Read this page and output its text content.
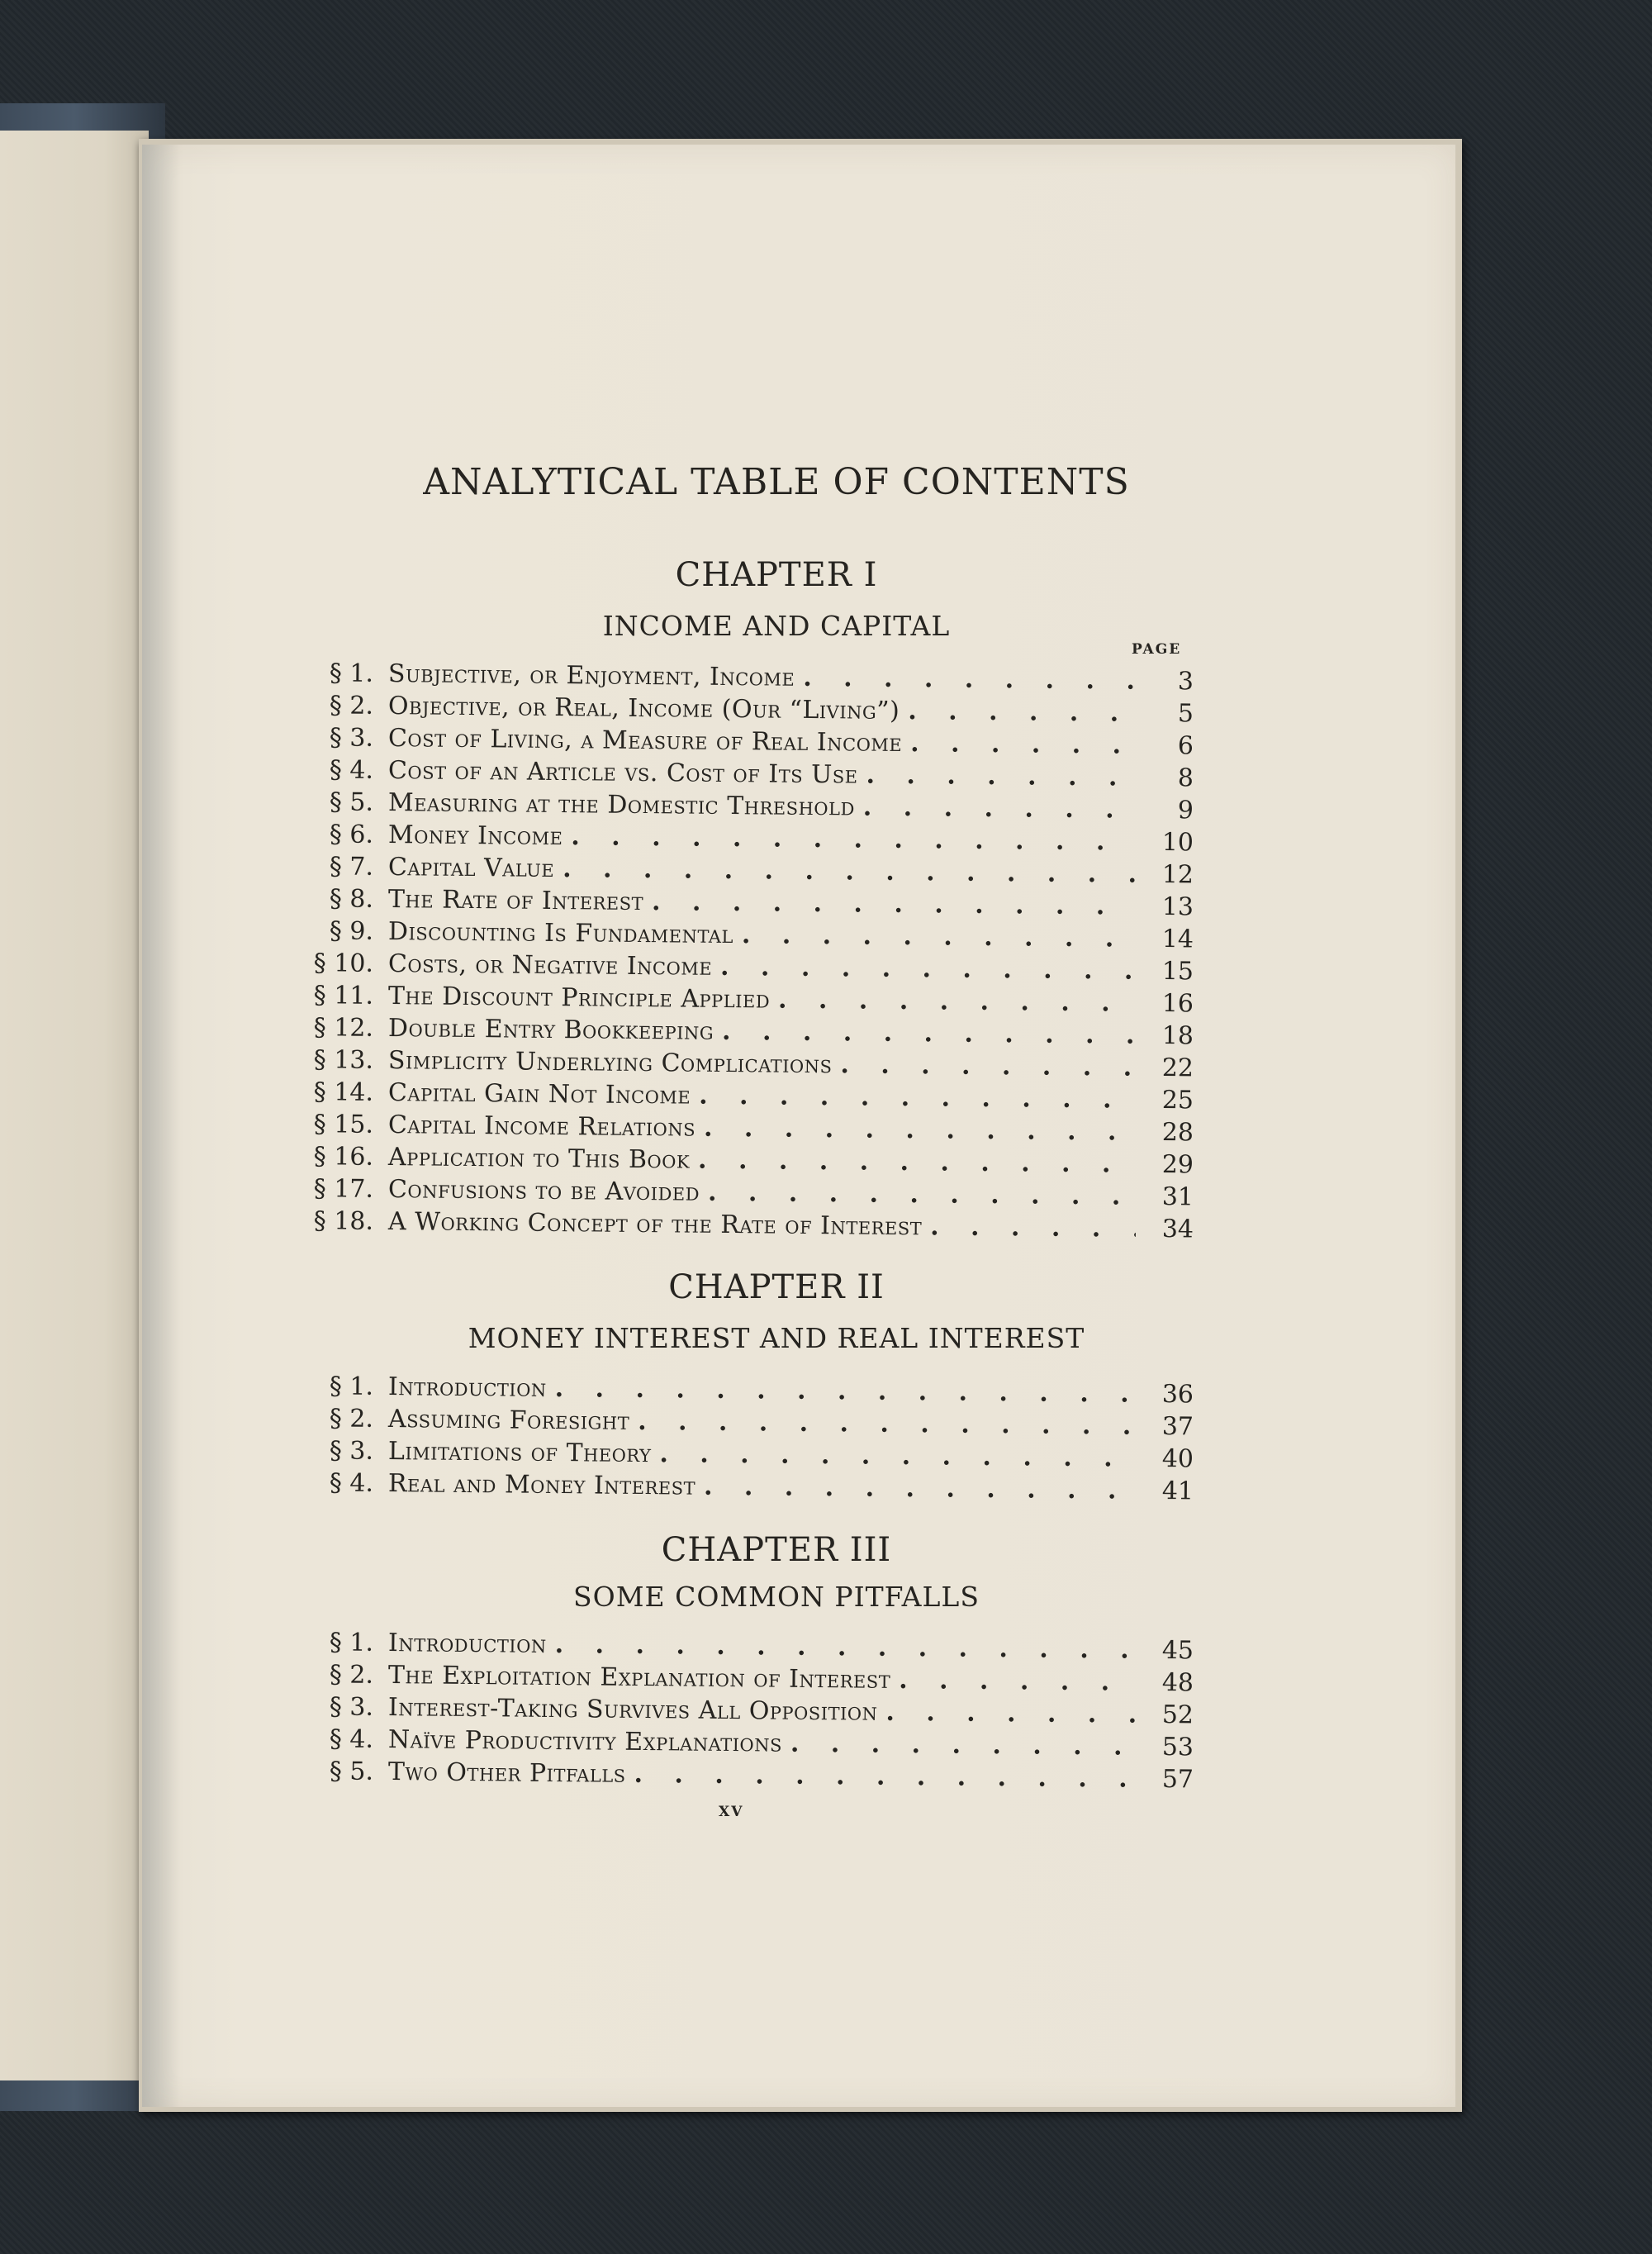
ANALYTICAL TABLE OF CONTENTS
CHAPTER I
INCOME AND CAPITAL
PAGE
§ 1. Subjective, or Enjoyment, Income . . .	3
§ 2. Objective, or Real, Income (Our “Living”) . . .	5
§ 3. Cost of Living, a Measure of Real Income . . .	6
§ 4. Cost of an Article vs. Cost of Its Use . . .	8
§ 5. Measuring at the Domestic Threshold . . .	9
§ 6. Money Income . . .	10
§ 7. Capital Value . . .	12
§ 8. The Rate of Interest . . .	13
§ 9. Discounting Is Fundamental . . .	14
§ 10. Costs, or Negative Income . . .	15
§ 11. The Discount Principle Applied . . .	16
§ 12. Double Entry Bookkeeping . . .	18
§ 13. Simplicity Underlying Complications . . .	22
§ 14. Capital Gain Not Income . . .	25
§ 15. Capital Income Relations . . .	28
§ 16. Application to This Book . . .	29
§ 17. Confusions to be Avoided . . .	31
§ 18. A Working Concept of the Rate of Interest . . .	34
CHAPTER II
MONEY INTEREST AND REAL INTEREST
§ 1. Introduction . . .	36
§ 2. Assuming Foresight . . .	37
§ 3. Limitations of Theory . . .	40
§ 4. Real and Money Interest . . .	41
CHAPTER III
SOME COMMON PITFALLS
§ 1. Introduction . . .	45
§ 2. The Exploitation Explanation of Interest . . .	48
§ 3. Interest-Taking Survives All Opposition . . .	52
§ 4. Naïve Productivity Explanations . . .	53
§ 5. Two Other Pitfalls . . .	57
xv
